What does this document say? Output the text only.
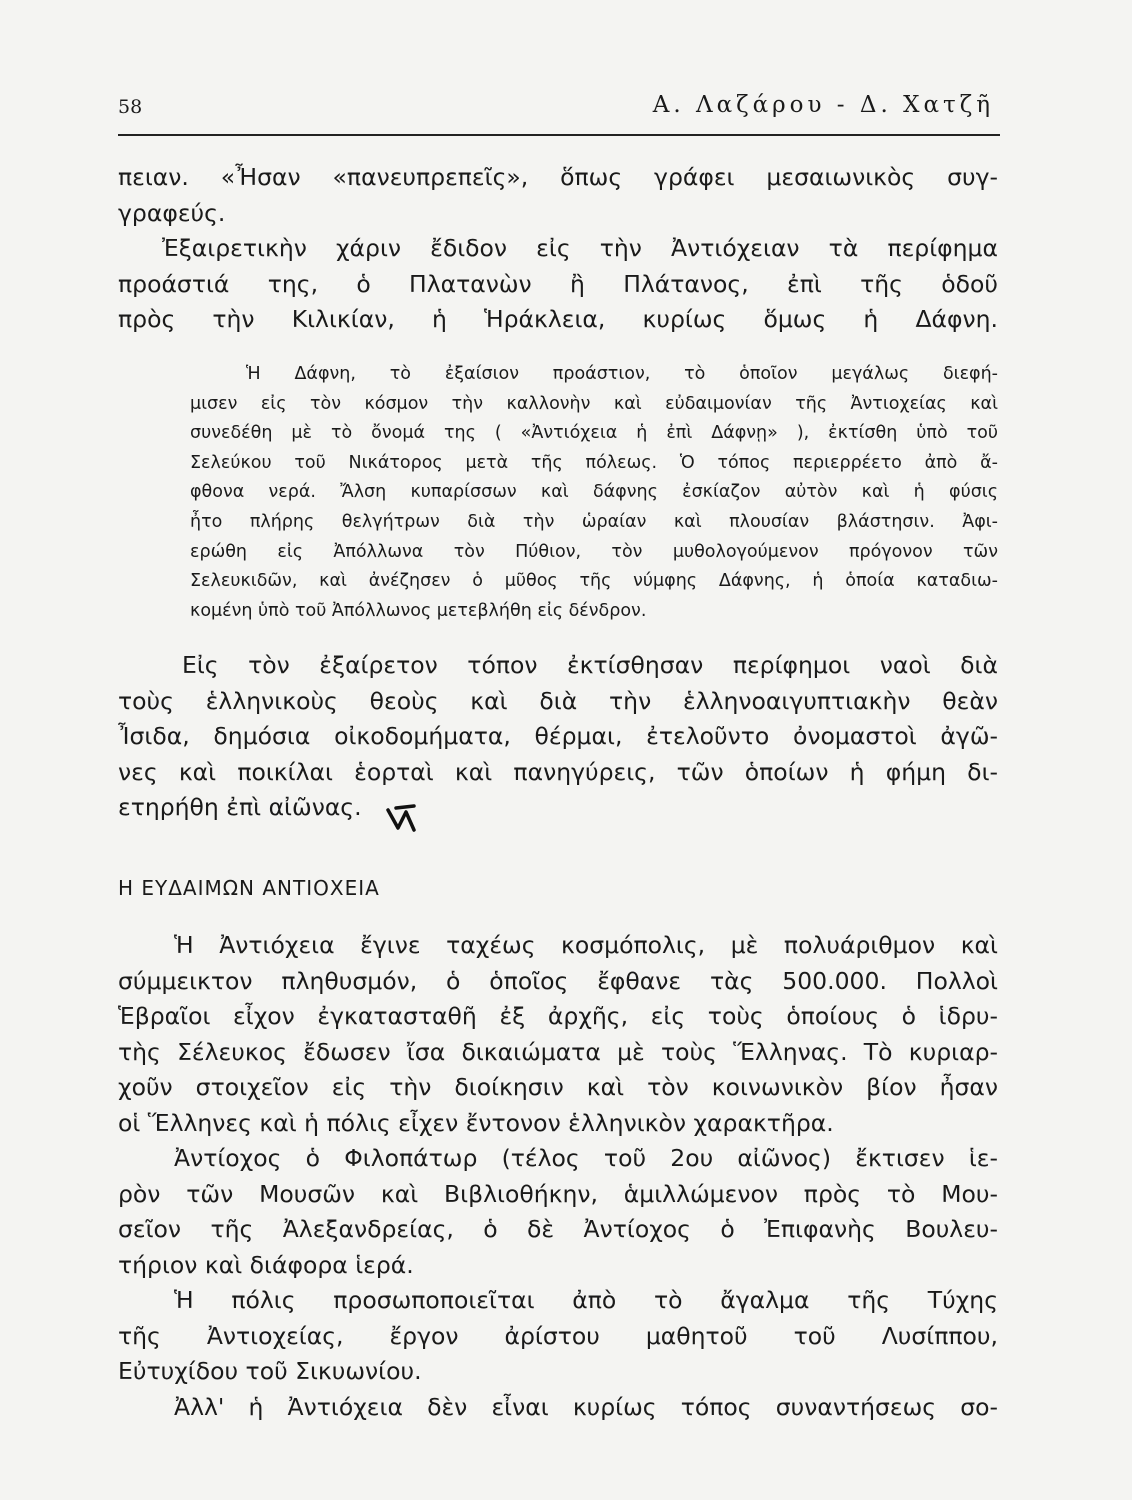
58	Α. Λαζάρου - Δ. Χατζῆ
πειαν. «Ἦσαν «πανευπρεπεῖς», ὅπως γράφει μεσαιωνικὸς συγ-
γραφεύς.
Ἐξαιρετικὴν χάριν ἔδιδον εἰς τὴν Ἀντιόχειαν τὰ περίφημα
προάστιά της, ὁ Πλατανὼν ἢ Πλάτανος, ἐπὶ τῆς ὁδοῦ
πρὸς τὴν Κιλικίαν, ἡ Ἡράκλεια, κυρίως ὅμως ἡ Δάφνη.
Ἡ Δάφνη, τὸ ἐξαίσιον προάστιον, τὸ ὁποῖον μεγάλως διεφή-
μισεν εἰς τὸν κόσμον τὴν καλλονὴν καὶ εὐδαιμονίαν τῆς Ἀντιοχείας καὶ
συνεδέθη μὲ τὸ ὄνομά της ( «Ἀντιόχεια ἡ ἐπὶ Δάφνῃ» ), ἐκτίσθη ὑπὸ τοῦ
Σελεύκου τοῦ Νικάτορος μετὰ τῆς πόλεως. Ὁ τόπος περιερρέετο ἀπὸ ἄ-
φθονα νερά. Ἄλση κυπαρίσσων καὶ δάφνης ἐσκίαζον αὐτὸν καὶ ἡ φύσις
ἦτο πλήρης θελγήτρων διὰ τὴν ὡραίαν καὶ πλουσίαν βλάστησιν. Ἀφι-
ερώθη εἰς Ἀπόλλωνα τὸν Πύθιον, τὸν μυθολογούμενον πρόγονον τῶν
Σελευκιδῶν, καὶ ἀνέζησεν ὁ μῦθος τῆς νύμφης Δάφνης, ἡ ὁποία καταδιω-
κομένη ὑπὸ τοῦ Ἀπόλλωνος μετεβλήθη εἰς δένδρον.
Εἰς τὸν ἐξαίρετον τόπον ἐκτίσθησαν περίφημοι ναοὶ διὰ
τοὺς ἑλληνικοὺς θεοὺς καὶ διὰ τὴν ἑλληνοαιγυπτιακὴν θεὰν
Ἶσιδα, δημόσια οἰκοδομήματα, θέρμαι, ἐτελοῦντο ὀνομαστοὶ ἀγῶ-
νες καὶ ποικίλαι ἑορταὶ καὶ πανηγύρεις, τῶν ὁποίων ἡ φήμη δι-
ετηρήθη ἐπὶ αἰῶνας.
Η ΕΥΔΑΙΜΩΝ ΑΝΤΙΟΧΕΙΑ
Ἡ Ἀντιόχεια ἔγινε ταχέως κοσμόπολις, μὲ πολυάριθμον καὶ
σύμμεικτον πληθυσμόν, ὁ ὁποῖος ἔφθανε τὰς 500.000. Πολλοὶ
Ἑβραῖοι εἶχον ἐγκατασταθῆ ἐξ ἀρχῆς, εἰς τοὺς ὁποίους ὁ ἱδρυ-
τὴς Σέλευκος ἔδωσεν ἴσα δικαιώματα μὲ τοὺς Ἕλληνας. Τὸ κυριαρ-
χοῦν στοιχεῖον εἰς τὴν διοίκησιν καὶ τὸν κοινωνικὸν βίον ἦσαν
οἱ Ἕλληνες καὶ ἡ πόλις εἶχεν ἔντονον ἑλληνικὸν χαρακτῆρα.
Ἀντίοχος ὁ Φιλοπάτωρ (τέλος τοῦ 2ου αἰῶνος) ἔκτισεν ἱε-
ρὸν τῶν Μουσῶν καὶ Βιβλιοθήκην, ἁμιλλώμενον πρὸς τὸ Μου-
σεῖον τῆς Ἀλεξανδρείας, ὁ δὲ Ἀντίοχος ὁ Ἐπιφανὴς Βουλευ-
τήριον καὶ διάφορα ἱερά.
Ἡ πόλις προσωποποιεῖται ἀπὸ τὸ ἄγαλμα τῆς Τύχης
τῆς Ἀντιοχείας, ἔργον ἀρίστου μαθητοῦ τοῦ Λυσίππου,
Εὐτυχίδου τοῦ Σικυωνίου.
Ἀλλ' ἡ Ἀντιόχεια δὲν εἶναι κυρίως τόπος συναντήσεως σο-
